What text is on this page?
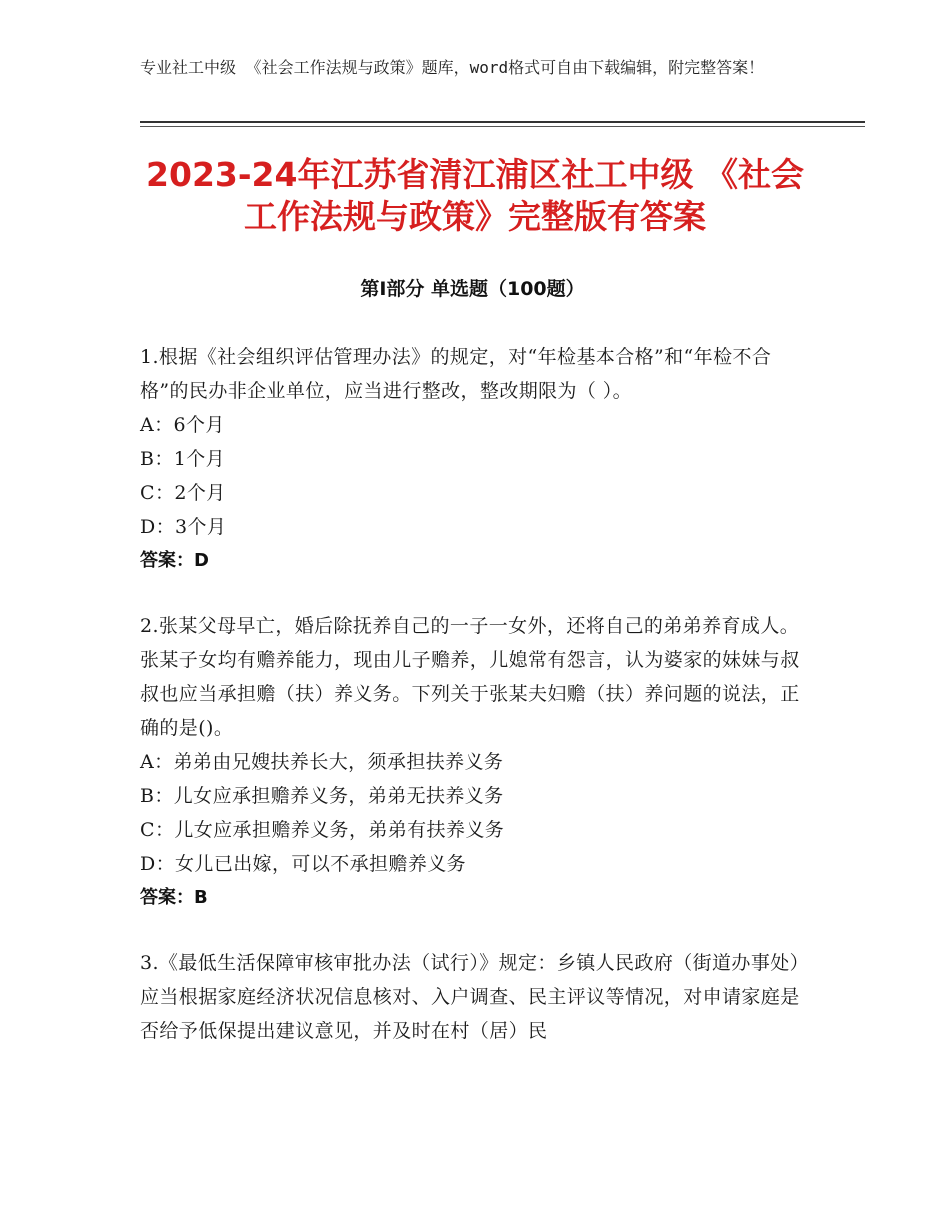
专业社工中级 《社会工作法规与政策》题库，word格式可自由下载编辑，附完整答案！
2023-24年江苏省清江浦区社工中级 《社会工作法规与政策》完整版有答案
第Ⅰ部分 单选题（100题）

1.根据《社会组织评估管理办法》的规定，对“年检基本合格”和“年检不合格”的民办非企业单位，应当进行整改，整改期限为（ ）。

A：6个月

B：1个月

C：2个月

D：3个月

答案：D

2.张某父母早亡，婚后除抚养自己的一子一女外，还将自己的弟弟养育成人。张某子女均有赡养能力，现由儿子赡养，儿媳常有怨言，认为婆家的妹妹与叔叔也应当承担赡（扶）养义务。下列关于张某夫妇赡（扶）养问题的说法，正确的是()。

A：弟弟由兄嫂扶养长大，须承担扶养义务

B：儿女应承担赡养义务，弟弟无扶养义务

C：儿女应承担赡养义务，弟弟有扶养义务

D：女儿已出嫁，可以不承担赡养义务

答案：B

3.《最低生活保障审核审批办法（试行）》规定：乡镇人民政府（街道办事处）应当根据家庭经济状况信息核对、入户调查、民主评议等情况，对申请家庭是否给予低保提出建议意见，并及时在村（居）民
